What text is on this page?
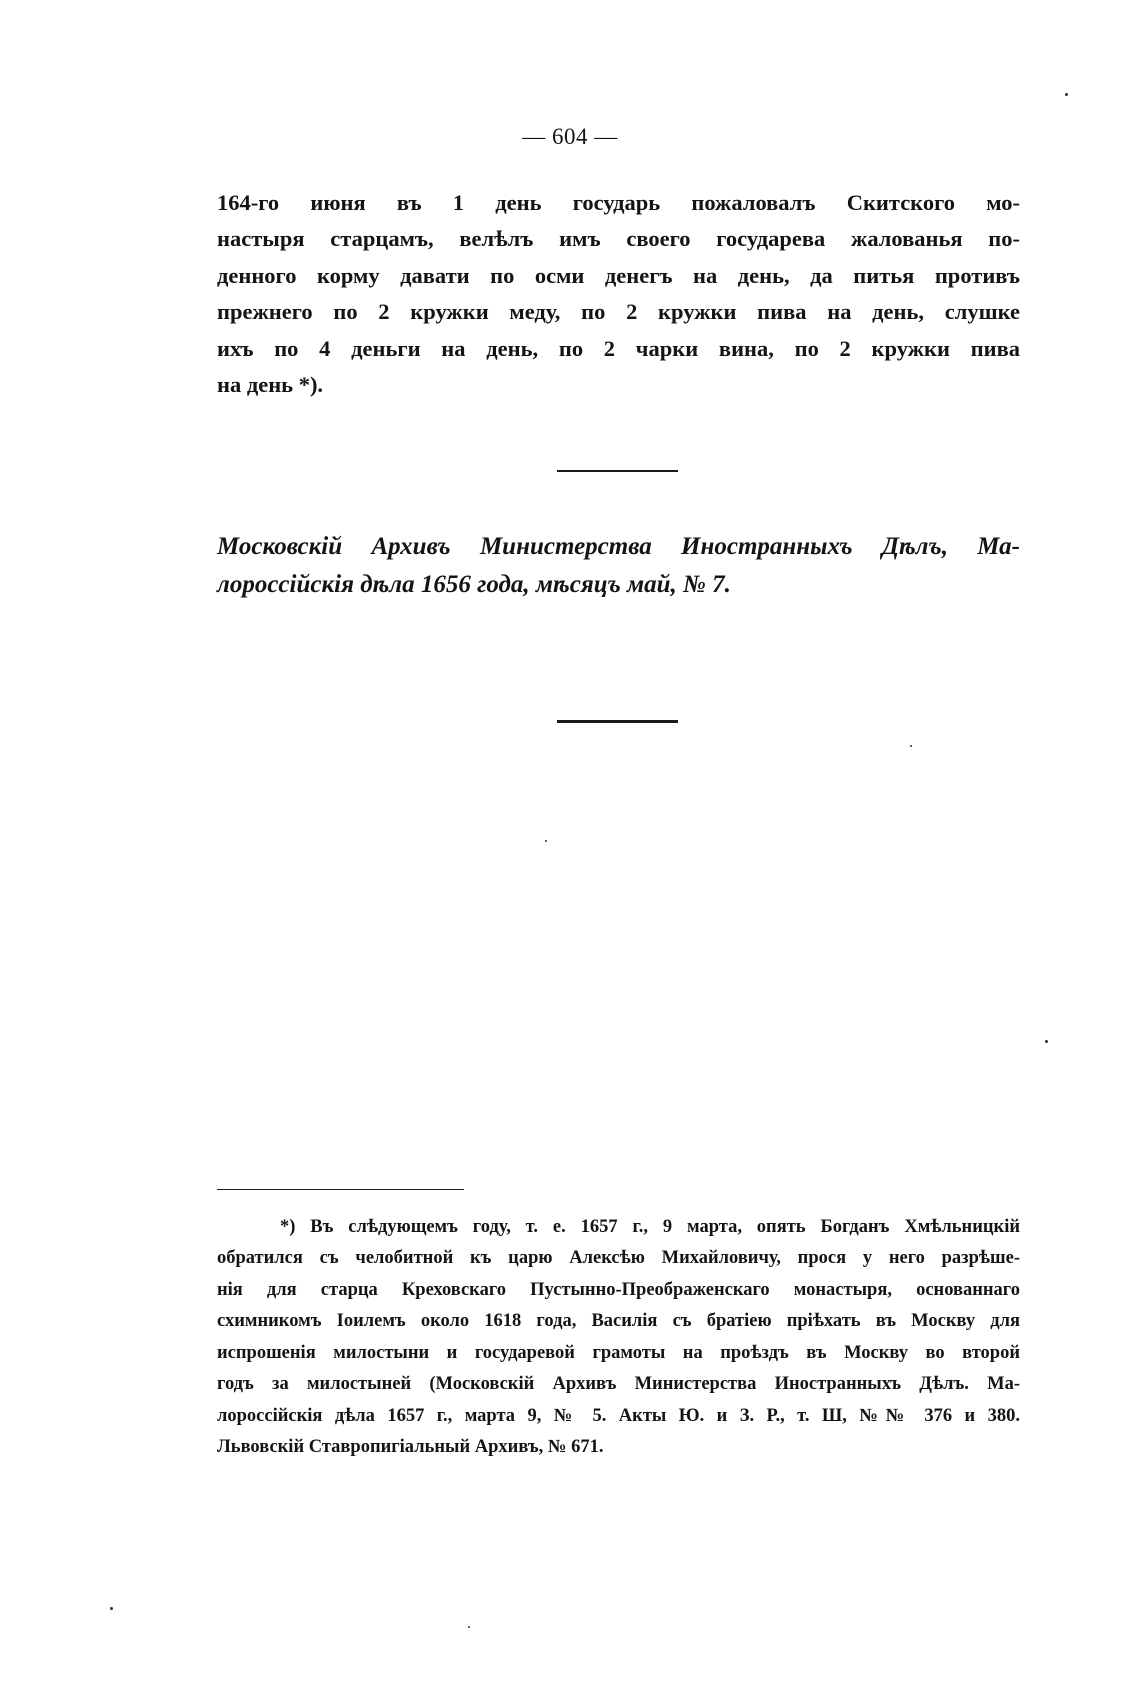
— 604 —
164-го июня въ 1 день государь пожаловалъ Скитского мо-
настыря старцамъ, велѣлъ имъ своего государева жалованья по-
денного корму давати по осми денегъ на день, да питья противъ
прежнего по 2 кружки меду, по 2 кружки пива на день, слушке
ихъ по 4 деньги на день, по 2 чарки вина, по 2 кружки пива
на день *).
Московскій Архивъ Министерства Иностранныхъ Дѣлъ, Ма-
лороссійскія дѣла 1656 года, мѣсяцъ май, № 7.
*) Въ слѣдующемъ году, т. е. 1657 г., 9 марта, опять Богданъ Хмѣльницкій
обратился съ челобитной къ царю Алексѣю Михайловичу, прося у него разрѣше-
нія для старца Креховскаго Пустынно-Преображенскаго монастыря, основаннаго
схимникомъ Іоилемъ около 1618 года, Василія съ братіею пріѣхать въ Москву для
испрошенія милостыни и государевой грамоты на проѣздъ въ Москву во второй
годъ за милостыней (Московскій Архивъ Министерства Иностранныхъ Дѣлъ. Ма-
лороссійскія дѣла 1657 г., марта 9, № 5. Акты Ю. и З. Р., т. Ш, №№ 376 и 380.
Львовскій Ставропигіальный Архивъ, № 671.
